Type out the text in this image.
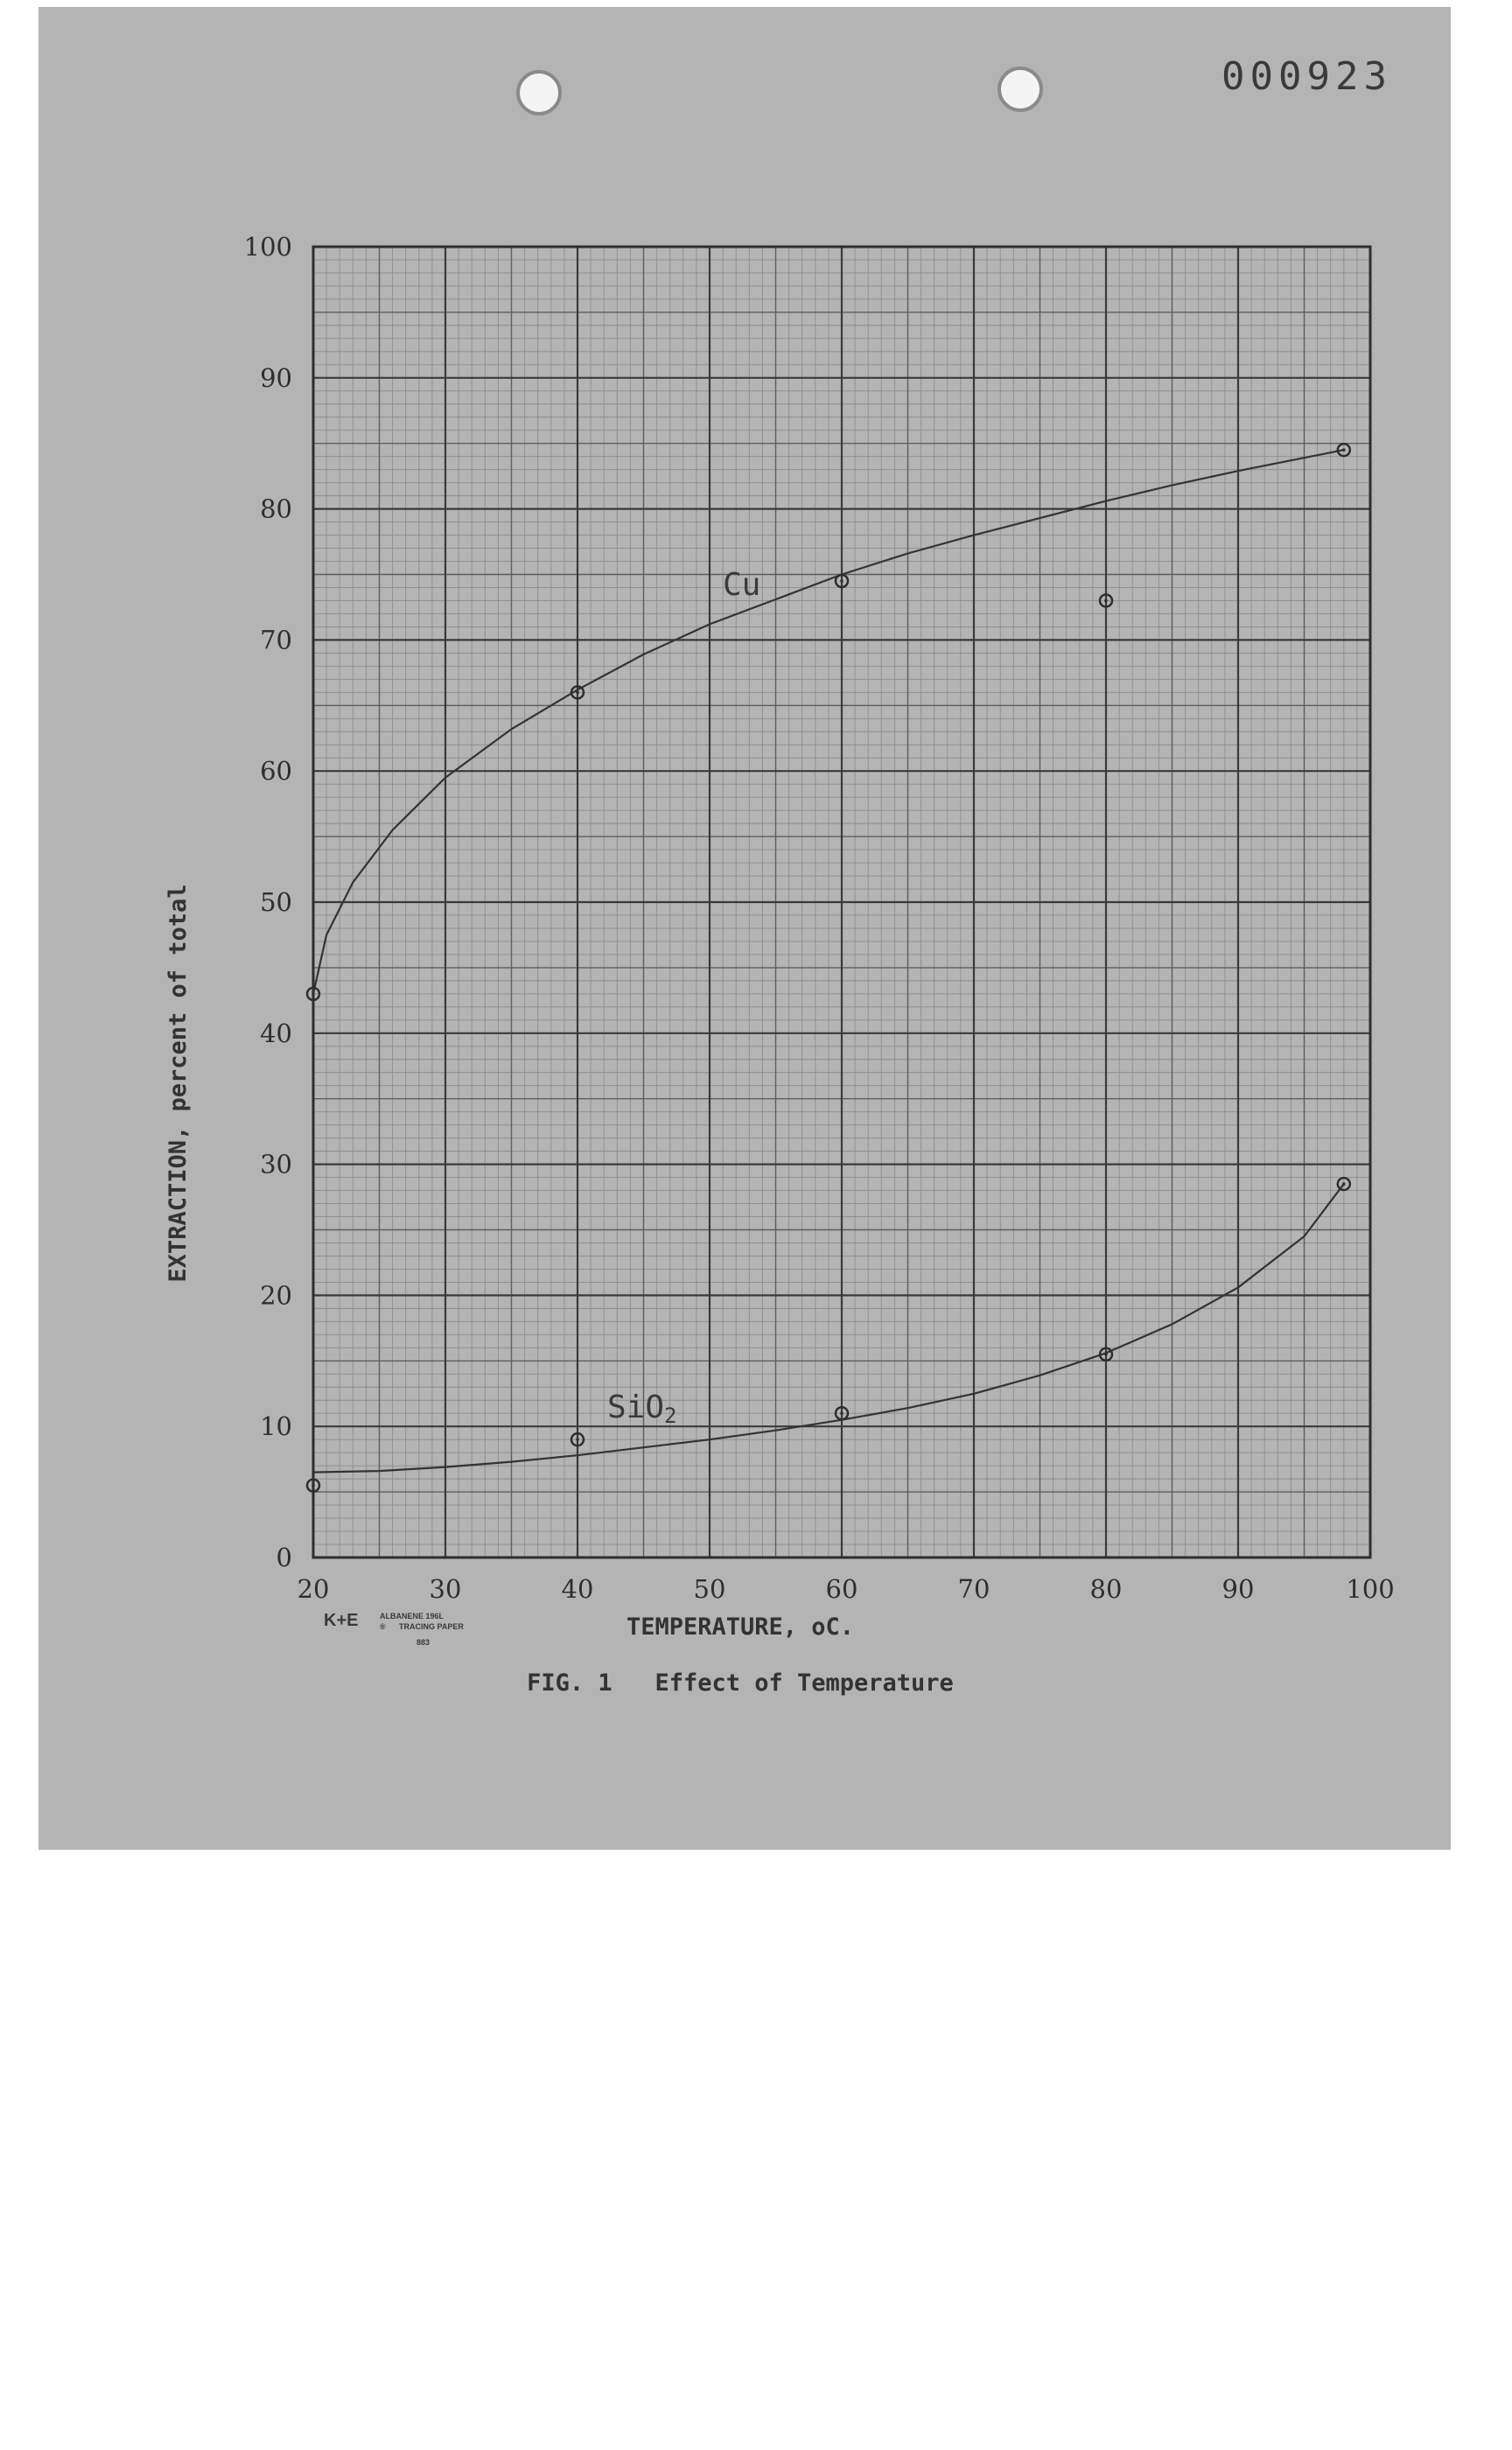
000923
20	30	40	50	60	70	80	90	100
0
10
20
30
40
50
60
70
80
90
100
Cu
SiO2
TEMPERATURE, oC.
EXTRACTION, percent of total
FIG. 1   Effect of Temperature
K+E	ALBANENE 196L
® TRACING PAPER
883
